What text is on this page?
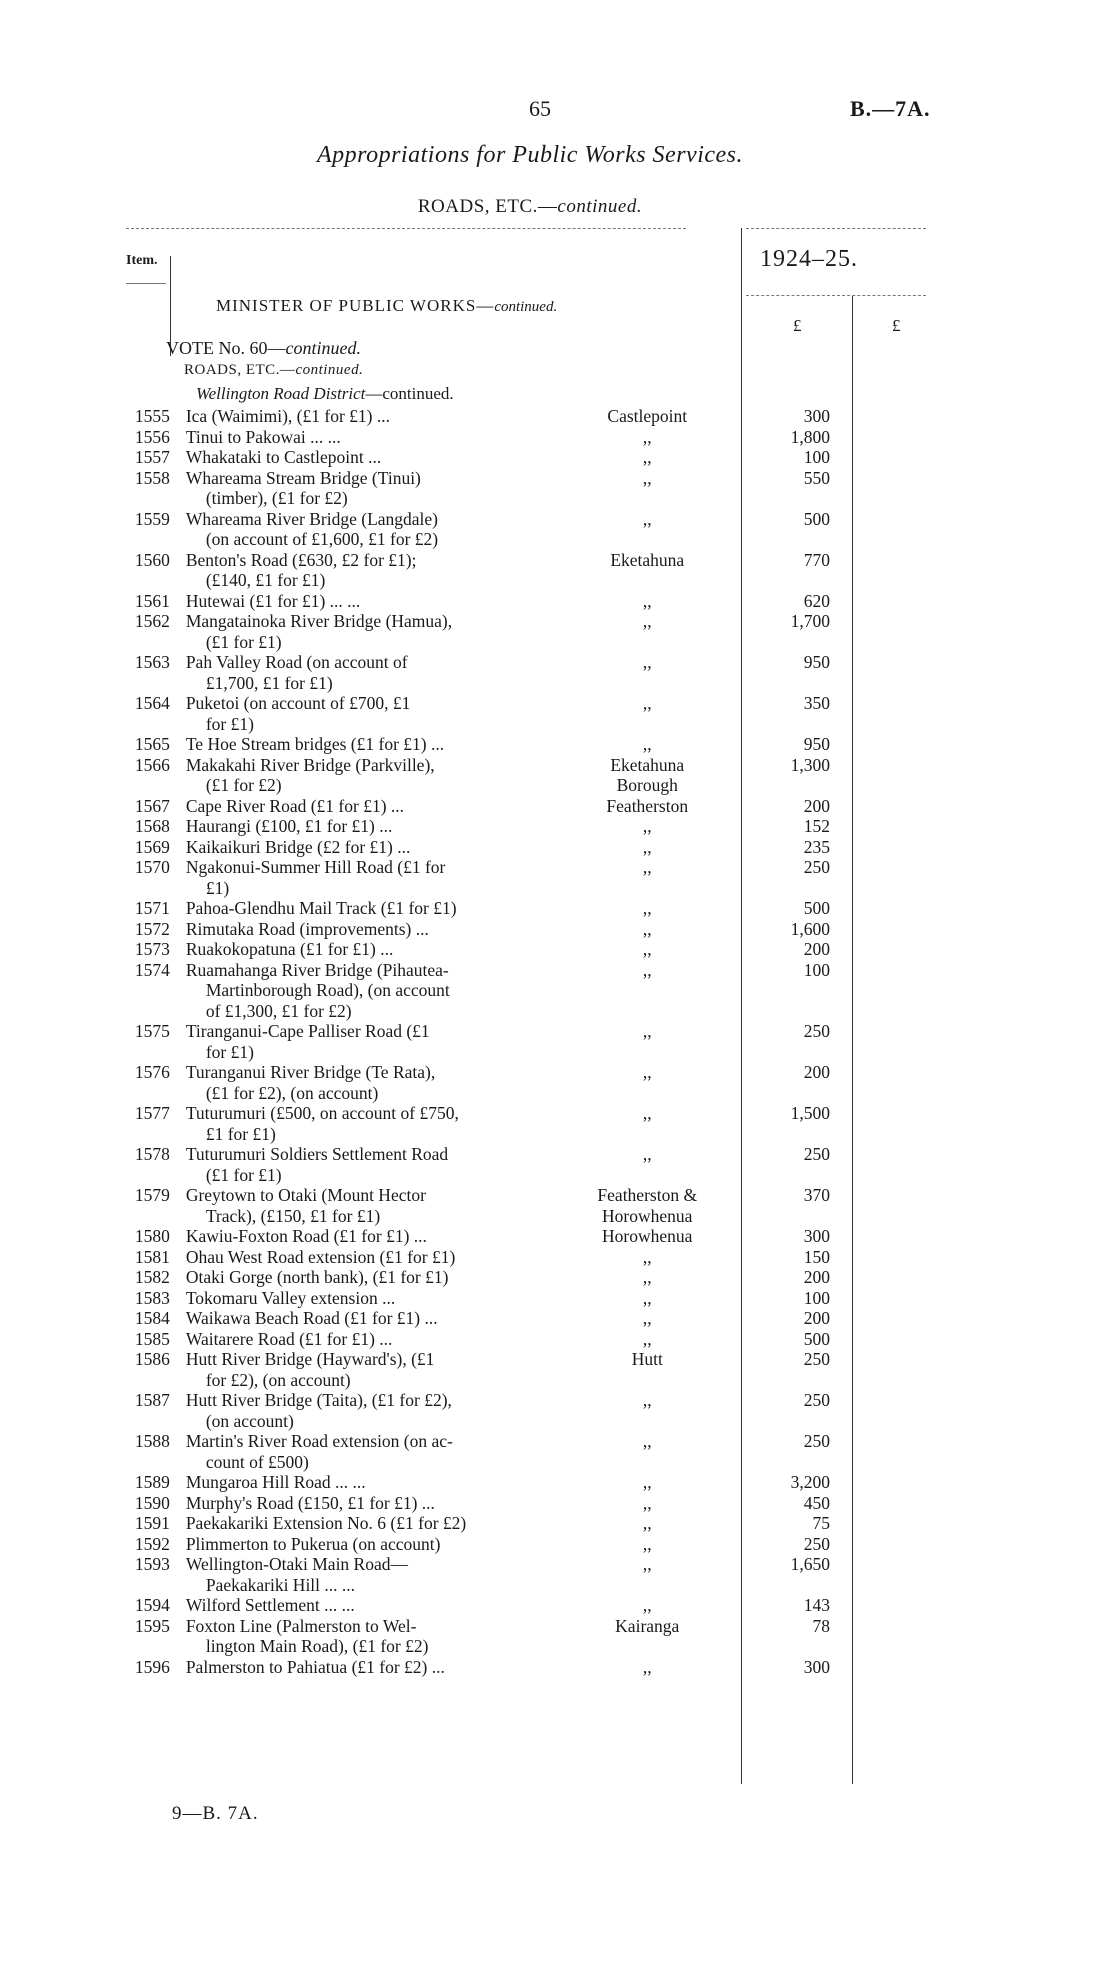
65	B.—7A.
Appropriations for Public Works Services.
ROADS, ETC.—continued.
Item.	1924–25.
£	£
MINISTER OF PUBLIC WORKS—continued.
VOTE No. 60—continued.
ROADS, ETC.—continued.
Wellington Road District—continued.
1555	Ica (Waimimi), (£1 for £1) ...	Castlepoint	300
1556	Tinui to Pakowai ... ...	,,	1,800
1557	Whakataki to Castlepoint ...	,,	100
1558	Whareama Stream Bridge (Tinui)
(timber), (£1 for £2)	,,	550
1559	Whareama River Bridge (Langdale)
(on account of £1,600, £1 for £2)	,,	500
1560	Benton's Road (£630, £2 for £1);
(£140, £1 for £1)	Eketahuna	770
1561	Hutewai (£1 for £1) ... ...	,,	620
1562	Mangatainoka River Bridge (Hamua),
(£1 for £1)	,,	1,700
1563	Pah Valley Road (on account of
£1,700, £1 for £1)	,,	950
1564	Puketoi (on account of £700, £1
for £1)	,,	350
1565	Te Hoe Stream bridges (£1 for £1) ...	,,	950
1566	Makakahi River Bridge (Parkville),
(£1 for £2)	Eketahuna
Borough	1,300
1567	Cape River Road (£1 for £1) ...	Featherston	200
1568	Haurangi (£100, £1 for £1) ...	,,	152
1569	Kaikaikuri Bridge (£2 for £1) ...	,,	235
1570	Ngakonui-Summer Hill Road (£1 for
£1)	,,	250
1571	Pahoa-Glendhu Mail Track (£1 for £1)	,,	500
1572	Rimutaka Road (improvements) ...	,,	1,600
1573	Ruakokopatuna (£1 for £1) ...	,,	200
1574	Ruamahanga River Bridge (Pihautea-
Martinborough Road), (on account
of £1,300, £1 for £2)	,,	100
1575	Tiranganui-Cape Palliser Road (£1
for £1)	,,	250
1576	Turanganui River Bridge (Te Rata),
(£1 for £2), (on account)	,,	200
1577	Tuturumuri (£500, on account of £750,
£1 for £1)	,,	1,500
1578	Tuturumuri Soldiers Settlement Road
(£1 for £1)	,,	250
1579	Greytown to Otaki (Mount Hector
Track), (£150, £1 for £1)	Featherston &
Horowhenua	370
1580	Kawiu-Foxton Road (£1 for £1) ...	Horowhenua	300
1581	Ohau West Road extension (£1 for £1)	,,	150
1582	Otaki Gorge (north bank), (£1 for £1)	,,	200
1583	Tokomaru Valley extension ...	,,	100
1584	Waikawa Beach Road (£1 for £1) ...	,,	200
1585	Waitarere Road (£1 for £1) ...	,,	500
1586	Hutt River Bridge (Hayward's), (£1
for £2), (on account)	Hutt	250
1587	Hutt River Bridge (Taita), (£1 for £2),
(on account)	,,	250
1588	Martin's River Road extension (on ac-
count of £500)	,,	250
1589	Mungaroa Hill Road ... ...	,,	3,200
1590	Murphy's Road (£150, £1 for £1) ...	,,	450
1591	Paekakariki Extension No. 6 (£1 for £2)	,,	75
1592	Plimmerton to Pukerua (on account)	,,	250
1593	Wellington-Otaki Main Road—
Paekakariki Hill ... ...	,,	1,650
1594	Wilford Settlement ... ...	,,	143
1595	Foxton Line (Palmerston to Wel-
lington Main Road), (£1 for £2)	Kairanga	78
1596	Palmerston to Pahiatua (£1 for £2) ...	,,	300
9—B. 7A.
